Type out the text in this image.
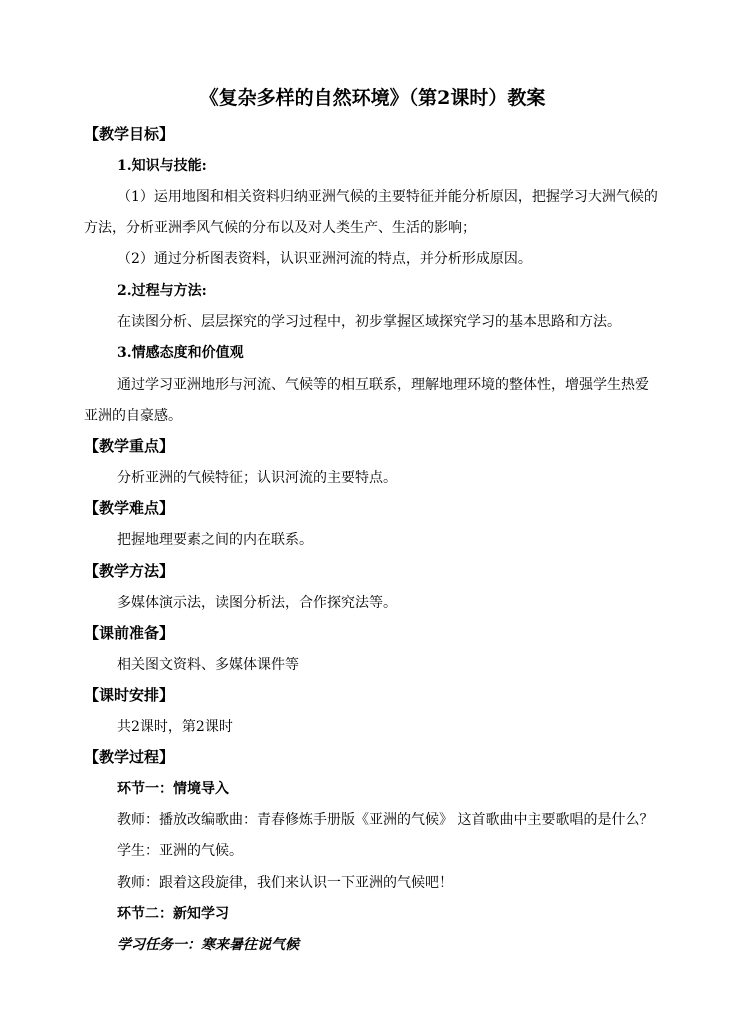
《复杂多样的自然环境》（第2课时）教案
【教学目标】
1.知识与技能:
（1）运用地图和相关资料归纳亚洲气候的主要特征并能分析原因，把握学习大洲气候的
方法，分析亚洲季风气候的分布以及对人类生产、生活的影响；
（2）通过分析图表资料，认识亚洲河流的特点，并分析形成原因。
2.过程与方法:
在读图分析、层层探究的学习过程中，初步掌握区域探究学习的基本思路和方法。
3.情感态度和价值观
通过学习亚洲地形与河流、气候等的相互联系，理解地理环境的整体性，增强学生热爱
亚洲的自豪感。
【教学重点】
分析亚洲的气候特征；认识河流的主要特点。
【教学难点】
把握地理要素之间的内在联系。
【教学方法】
多媒体演示法，读图分析法，合作探究法等。
【课前准备】
相关图文资料、多媒体课件等
【课时安排】
共2课时，第2课时
【教学过程】
环节一：情境导入
教师：播放改编歌曲：青春修炼手册版《亚洲的气候》 这首歌曲中主要歌唱的是什么？
学生：亚洲的气候。
教师：跟着这段旋律，我们来认识一下亚洲的气候吧！
环节二：新知学习
学习任务一：寒来暑往说气候
